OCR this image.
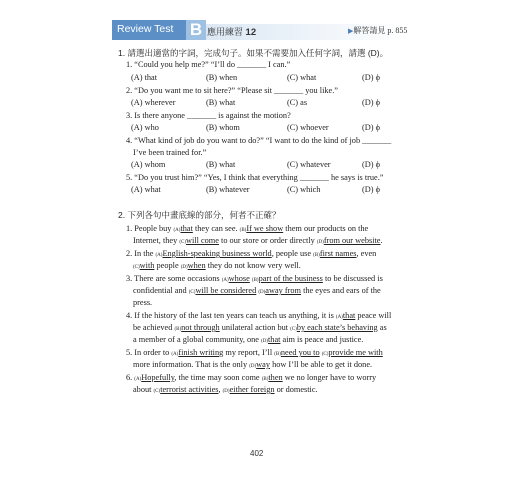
Review Test B 應用練習 12	▶解答請見 p. 855
1. 請選出適當的字詞，完成句子。如果不需要加入任何字詞，請選 (D)。
1. “Could you help me?” “I’ll do _______ I can.”
(A) that	(B) when	(C) what	(D) ϕ
2. “Do you want me to sit here?” “Please sit _______ you like.”
(A) wherever	(B) what	(C) as	(D) ϕ
3. Is there anyone _______ is against the motion?
(A) who	(B) whom	(C) whoever	(D) ϕ
4. “What kind of job do you want to do?” “I want to do the kind of job _______
I’ve been trained for.”
(A) whom	(B) what	(C) whatever	(D) ϕ
5. “Do you trust him?” “Yes, I think that everything _______ he says is true.”
(A) what	(B) whatever	(C) which	(D) ϕ
2. 下列各句中畫底線的部分，何者不正確？
1. People buy (A)that they can see. (B)If we show them our products on the
Internet, they (C)will come to our store or order directly (D)from our website.
2. In the (A)English-speaking business world, people use (B)first names, even
(C)with people (D)when they do not know very well.
3. There are some occasions (A)whose (B)part of the business to be discussed is
confidential and (C)will be considered (D)away from the eyes and ears of the
press.
4. If the history of the last ten years can teach us anything, it is (A)that peace will
be achieved (B)not through unilateral action but (C)by each state’s behaving as
a member of a global community, one (D)that aim is peace and justice.
5. In order to (A)finish writing my report, I’ll (B)need you to (C)provide me with
more information. That is the only (D)way how I’ll be able to get it done.
6. (A)Hopefully, the time may soon come (B)then we no longer have to worry
about (C)terrorist activities, (D)either foreign or domestic.
402
